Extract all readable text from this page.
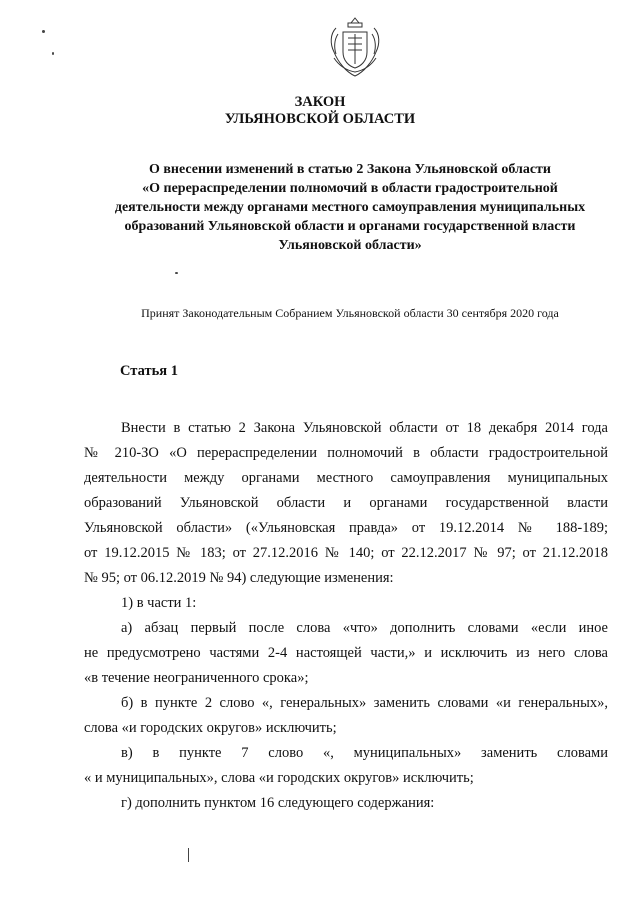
ЗАКОН
УЛЬЯНОВСКОЙ ОБЛАСТИ
О внесении изменений в статью 2 Закона Ульяновской области
«О перераспределении полномочий в области градостроительной
деятельности между органами местного самоуправления муниципальных
образований Ульяновской области и органами государственной власти
Ульяновской области»
Принят Законодательным Собранием Ульяновской области 30 сентября 2020 года
Статья 1
Внести в статью 2 Закона Ульяновской области от 18 декабря 2014 года
№ 210-ЗО «О перераспределении полномочий в области градостроительной
деятельности между органами местного самоуправления муниципальных
образований Ульяновской области и органами государственной власти
Ульяновской области» («Ульяновская правда» от 19.12.2014 № 188-189;
от 19.12.2015 № 183; от 27.12.2016 № 140; от 22.12.2017 № 97; от 21.12.2018
№ 95; от 06.12.2019 № 94) следующие изменения:
1) в части 1:
а) абзац первый после слова «что» дополнить словами «если иное
не предусмотрено частями 2-4 настоящей части,» и исключить из него слова
«в течение неограниченного срока»;
б) в пункте 2 слово «, генеральных» заменить словами «и генеральных»,
слова «и городских округов» исключить;
в) в пункте 7 слово «, муниципальных» заменить словами
« и муниципальных», слова «и городских округов» исключить;
г) дополнить пунктом 16 следующего содержания:
